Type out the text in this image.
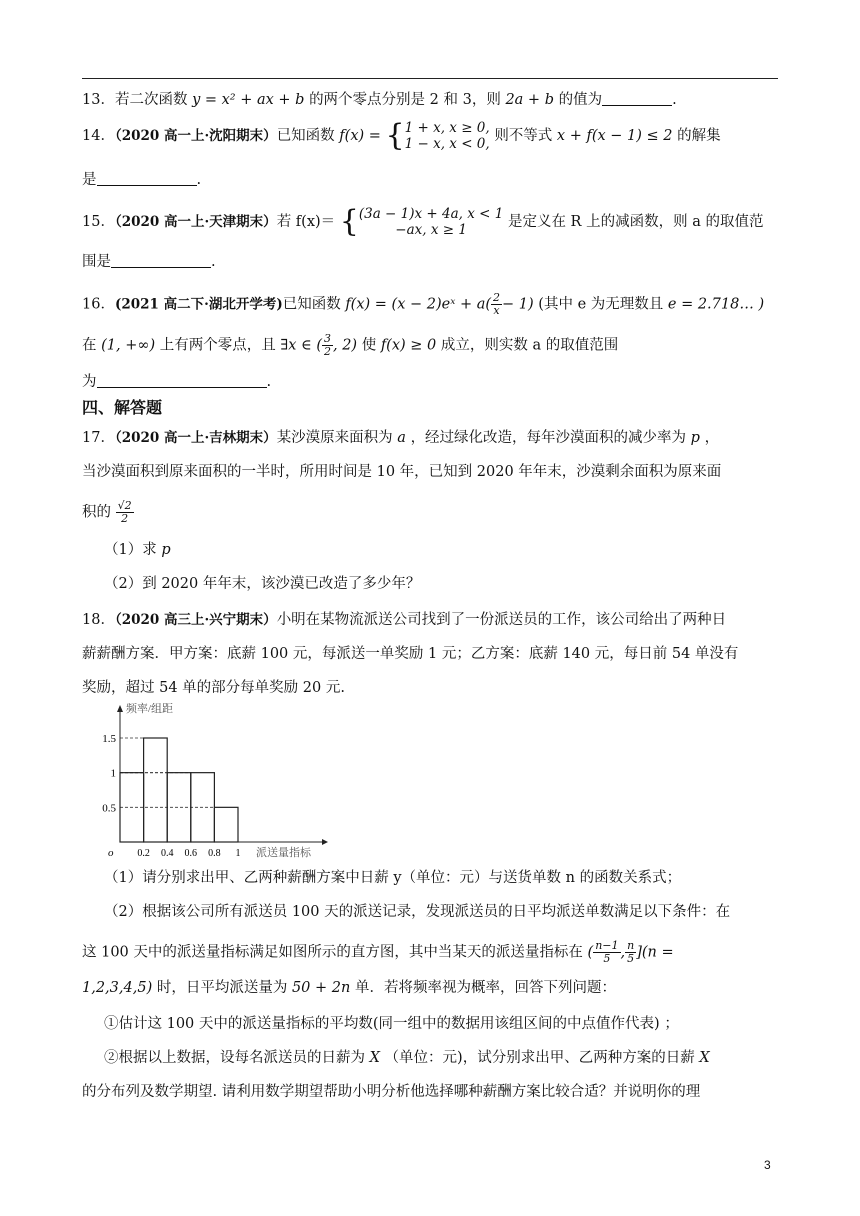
13．若二次函数 y = x² + ax + b 的两个零点分别是 2 和 3，则 2a + b 的值为	.
14．（2020 高一上·沈阳期末）已知函数 f(x) = { 1 + x, x ≥ 0,
1 − x, x < 0, 则不等式 x + f(x − 1) ≤ 2 的解集
是	.
15．（2020 高一上·天津期末）若 f(x)＝ { (3a − 1)x + 4a, x < 1
−ax, x ≥ 1	是定义在 R 上的减函数，则 a 的取值范
围是	.
16．(2021 高二下·湖北开学考)已知函数 f(x) = (x − 2)eˣ + $a( \frac{2}{x} - 1)$ (其中 e 为无理数且 e = 2.718… )
在 (1, +∞) 上有两个零点，且 ∃x ∈ ( $\frac{3}{2}$ , 2) 使 f(x) ≥ 0 成立，则实数 a 的取值范围
为	.
四、解答题
17．（2020 高一上·吉林期末）某沙漠原来面积为 a ，经过绿化改造，每年沙漠面积的减少率为 p ，
当沙漠面积到原来面积的一半时，所用时间是 10 年，已知到 2020 年年末，沙漠剩余面积为原来面
积的 $\frac{√2}{2}$
（1）求 p
（2）到 2020 年年末，该沙漠已改造了多少年？
18．（2020 高三上·兴宁期末）小明在某物流派送公司找到了一份派送员的工作，该公司给出了两种日
薪薪酬方案．甲方案：底薪 100 元，每派送一单奖励 1 元；乙方案：底薪 140 元，每日前 54 单没有
奖励，超过 54 单的部分每单奖励 20 元.
0.5
1
1.5
0.2 0.4 0.6 0.8 1
o
频率/组距
派送量指标
（1）请分别求出甲、乙两种薪酬方案中日薪 y（单位：元）与送货单数 n 的函数关系式；
（2）根据该公司所有派送员 100 天的派送记录，发现派送员的日平均派送单数满足以下条件：在
这 100 天中的派送量指标满足如图所示的直方图，其中当某天的派送量指标在 ( $\frac{n-1}{5}$ , $\frac{n}{5} ](n$ =
1,2,3,4,5) 时，日平均派送量为 50 + 2n 单．若将频率视为概率，回答下列问题：
①估计这 100 天中的派送量指标的平均数(同一组中的数据用该组区间的中点值作代表) ；
②根据以上数据，设每名派送员的日薪为 X （单位：元)，试分别求出甲、乙两种方案的日薪 X
的分布列及数学期望. 请利用数学期望帮助小明分析他选择哪种薪酬方案比较合适？并说明你的理
3
